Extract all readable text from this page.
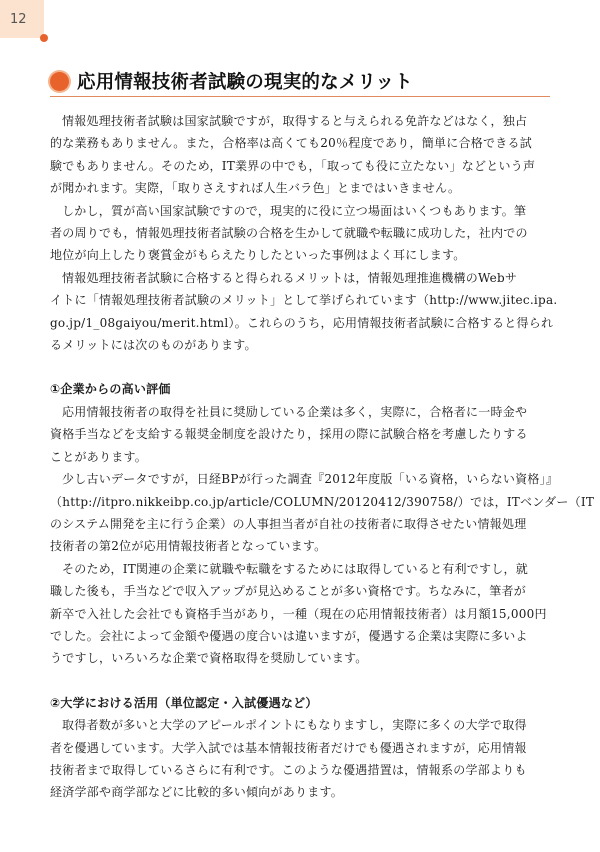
12
応用情報技術者試験の現実的なメリット

情報処理技術者試験は国家試験ですが，取得すると与えられる免許などはなく，独占

的な業務もありません。また，合格率は高くても20％程度であり，簡単に合格できる試

験でもありません。そのため，IT業界の中でも，「取っても役に立たない」などという声

が聞かれます。実際，「取りさえすれば人生バラ色」とまではいきません。

しかし，質が高い国家試験ですので，現実的に役に立つ場面はいくつもあります。筆

者の周りでも，情報処理技術者試験の合格を生かして就職や転職に成功した，社内での

地位が向上したり褒賞金がもらえたりしたといった事例はよく耳にします。

情報処理技術者試験に合格すると得られるメリットは，情報処理推進機構のWebサ

イトに「情報処理技術者試験のメリット」として挙げられています（http://www.jitec.ipa.

go.jp/1_08gaiyou/merit.html）。これらのうち，応用情報技術者試験に合格すると得られ

るメリットには次のものがあります。

①企業からの高い評価

応用情報技術者の取得を社員に奨励している企業は多く，実際に，合格者に一時金や

資格手当などを支給する報奨金制度を設けたり，採用の際に試験合格を考慮したりする

ことがあります。

少し古いデータですが，日経BPが行った調査『2012年度版「いる資格，いらない資格」』

（http://itpro.nikkeibp.co.jp/article/COLUMN/20120412/390758/）では，ITベンダー（IT

のシステム開発を主に行う企業）の人事担当者が自社の技術者に取得させたい情報処理

技術者の第2位が応用情報技術者となっています。

そのため，IT関連の企業に就職や転職をするためには取得していると有利ですし，就

職した後も，手当などで収入アップが見込めることが多い資格です。ちなみに，筆者が

新卒で入社した会社でも資格手当があり，一種（現在の応用情報技術者）は月額15,000円

でした。会社によって金額や優遇の度合いは違いますが，優遇する企業は実際に多いよ

うですし，いろいろな企業で資格取得を奨励しています。

②大学における活用（単位認定・入試優遇など）

取得者数が多いと大学のアピールポイントにもなりますし，実際に多くの大学で取得

者を優遇しています。大学入試では基本情報技術者だけでも優遇されますが，応用情報

技術者まで取得しているさらに有利です。このような優遇措置は，情報系の学部よりも

経済学部や商学部などに比較的多い傾向があります。
